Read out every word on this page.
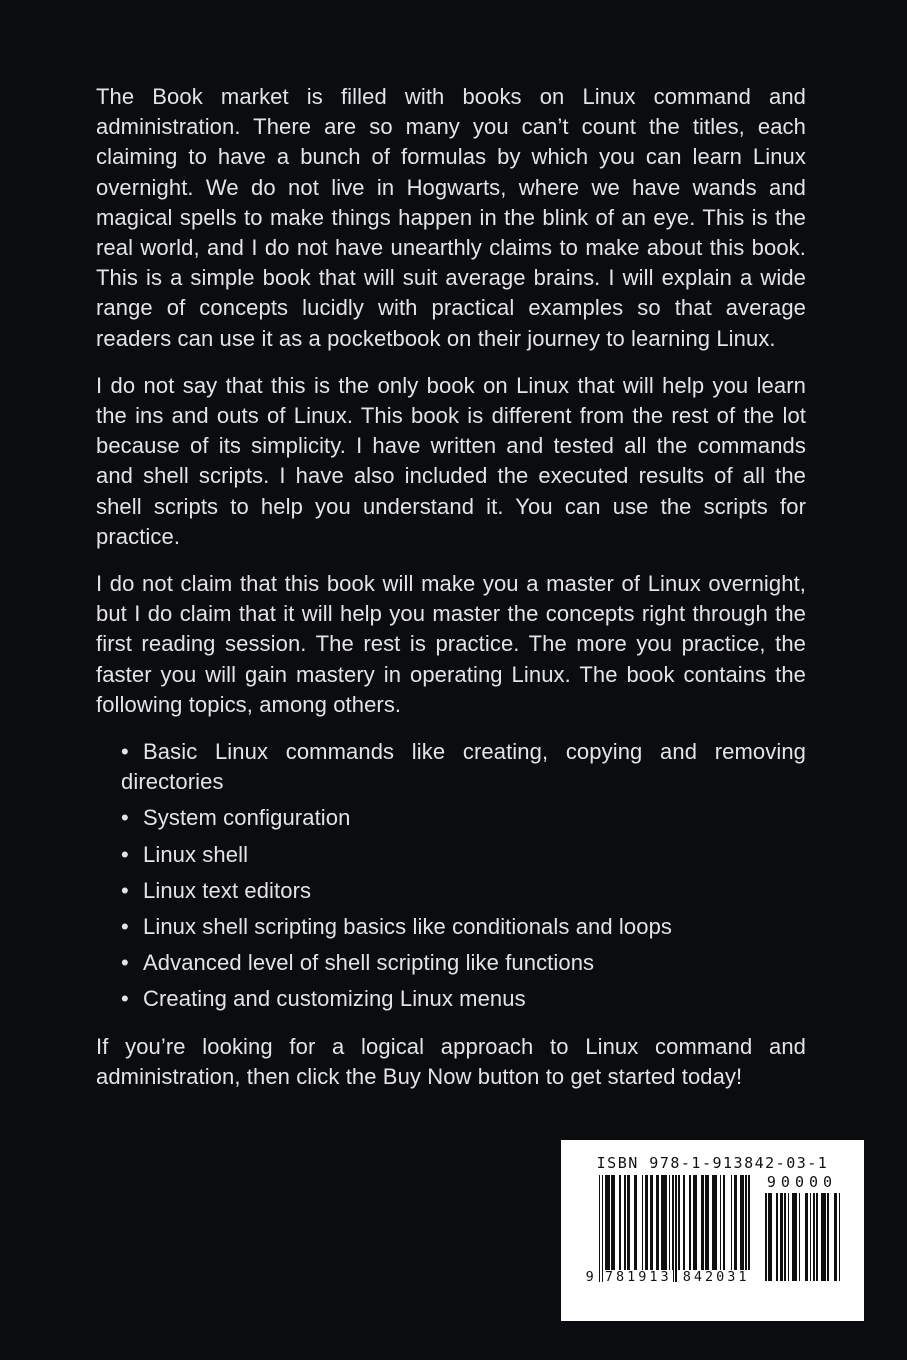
The Book market is filled with books on Linux command and administration. There are so many you can’t count the titles, each claiming to have a bunch of formulas by which you can learn Linux overnight. We do not live in Hogwarts, where we have wands and magical spells to make things happen in the blink of an eye. This is the real world, and I do not have unearthly claims to make about this book. This is a simple book that will suit average brains. I will explain a wide range of concepts lucidly with practical examples so that average readers can use it as a pocketbook on their journey to learning Linux.

I do not say that this is the only book on Linux that will help you learn the ins and outs of Linux. This book is different from the rest of the lot because of its simplicity. I have written and tested all the commands and shell scripts. I have also included the executed results of all the shell scripts to help you understand it. You can use the scripts for practice.

I do not claim that this book will make you a master of Linux overnight, but I do claim that it will help you master the concepts right through the first reading session. The rest is practice. The more you practice, the faster you will gain mastery in operating Linux. The book contains the following topics, among others.

• Basic Linux commands like creating, copying and removing directories
• System configuration
• Linux shell
• Linux text editors
• Linux shell scripting basics like conditionals and loops
• Advanced level of shell scripting like functions
• Creating and customizing Linux menus

If you’re looking for a logical approach to Linux command and administration, then click the Buy Now button to get started today!

ISBN 978-1-913842-03-1
9 781913 842031
90000
